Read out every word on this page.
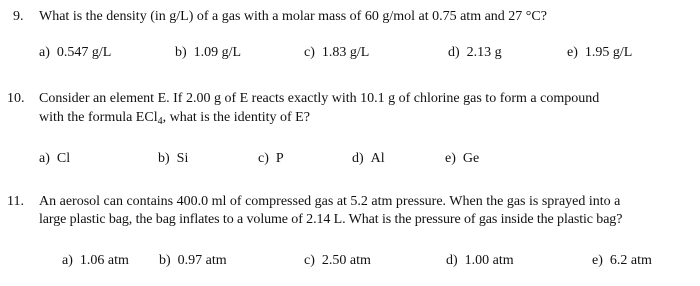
9. What is the density (in g/L) of a gas with a molar mass of 60 g/mol at 0.75 atm and 27 °C?
a) 0.547 g/L	b) 1.09 g/L	c) 1.83 g/L	d) 2.13 g	e) 1.95 g/L
10. Consider an element E. If 2.00 g of E reacts exactly with 10.1 g of chlorine gas to form a compound
with the formula ECl$_4$, what is the identity of E?
a) Cl	b) Si	c) P	d) Al	e) Ge
11. An aerosol can contains 400.0 ml of compressed gas at 5.2 atm pressure. When the gas is sprayed into a
large plastic bag, the bag inflates to a volume of 2.14 L. What is the pressure of gas inside the plastic bag?
a) 1.06 atm b) 0.97 atm	c) 2.50 atm	d) 1.00 atm	e) 6.2 atm
